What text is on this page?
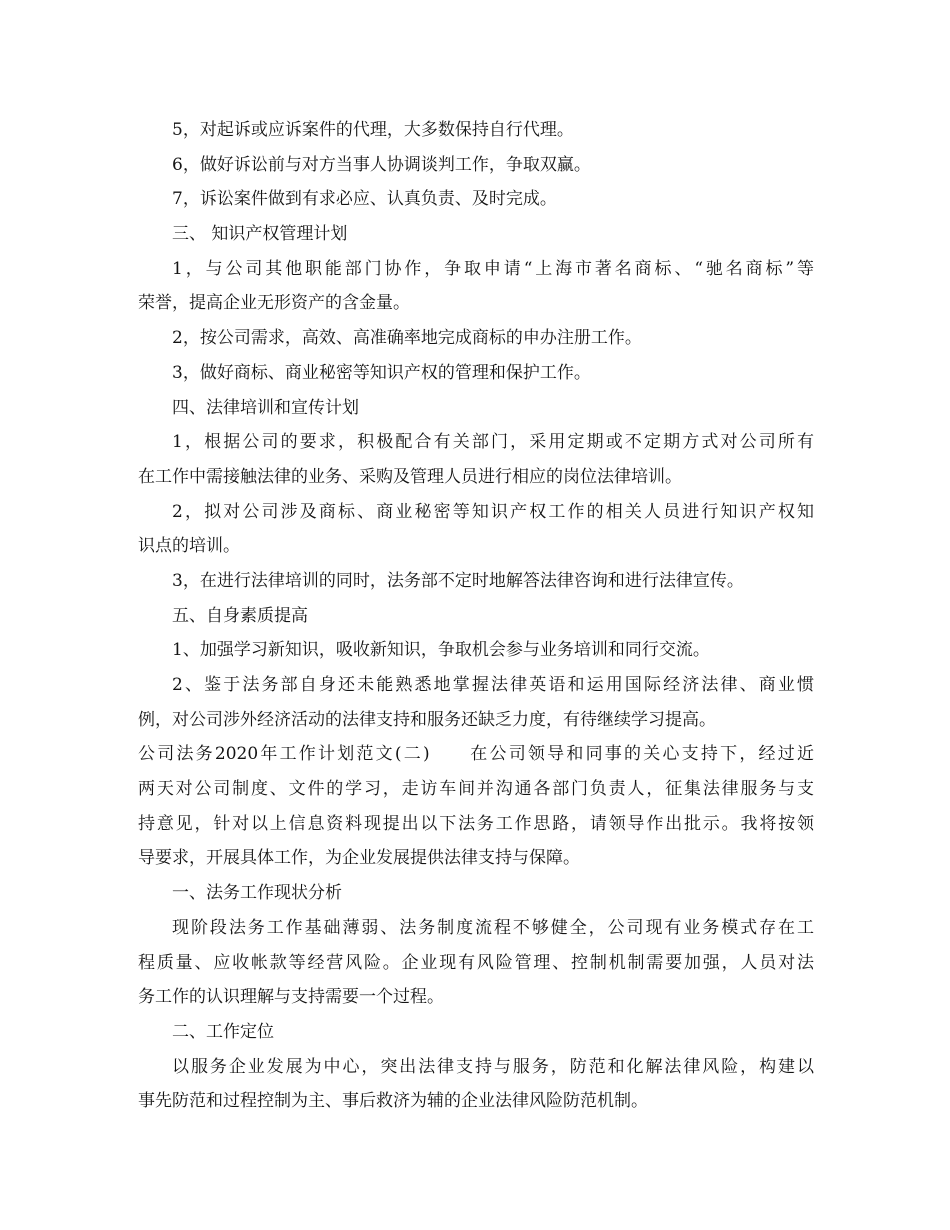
5，对起诉或应诉案件的代理，大多数保持自行代理。
6，做好诉讼前与对方当事人协调谈判工作，争取双赢。
7，诉讼案件做到有求必应、认真负责、及时完成。
三、 知识产权管理计划
1，与公司其他职能部门协作，争取申请“上海市著名商标、“驰名商标”等
荣誉，提高企业无形资产的含金量。
2，按公司需求，高效、高准确率地完成商标的申办注册工作。
3，做好商标、商业秘密等知识产权的管理和保护工作。
四、法律培训和宣传计划
1，根据公司的要求，积极配合有关部门，采用定期或不定期方式对公司所有
在工作中需接触法律的业务、采购及管理人员进行相应的岗位法律培训。
2，拟对公司涉及商标、商业秘密等知识产权工作的相关人员进行知识产权知
识点的培训。
3，在进行法律培训的同时，法务部不定时地解答法律咨询和进行法律宣传。
五、自身素质提高
1、加强学习新知识，吸收新知识，争取机会参与业务培训和同行交流。
2、鉴于法务部自身还未能熟悉地掌握法律英语和运用国际经济法律、商业惯
例，对公司涉外经济活动的法律支持和服务还缺乏力度，有待继续学习提高。
公司法务2020年工作计划范文(二)　　在公司领导和同事的关心支持下，经过近
两天对公司制度、文件的学习，走访车间并沟通各部门负责人，征集法律服务与支
持意见，针对以上信息资料现提出以下法务工作思路，请领导作出批示。我将按领
导要求，开展具体工作，为企业发展提供法律支持与保障。
一、法务工作现状分析
现阶段法务工作基础薄弱、法务制度流程不够健全，公司现有业务模式存在工
程质量、应收帐款等经营风险。企业现有风险管理、控制机制需要加强，人员对法
务工作的认识理解与支持需要一个过程。
二、工作定位
以服务企业发展为中心，突出法律支持与服务，防范和化解法律风险，构建以
事先防范和过程控制为主、事后救济为辅的企业法律风险防范机制。
